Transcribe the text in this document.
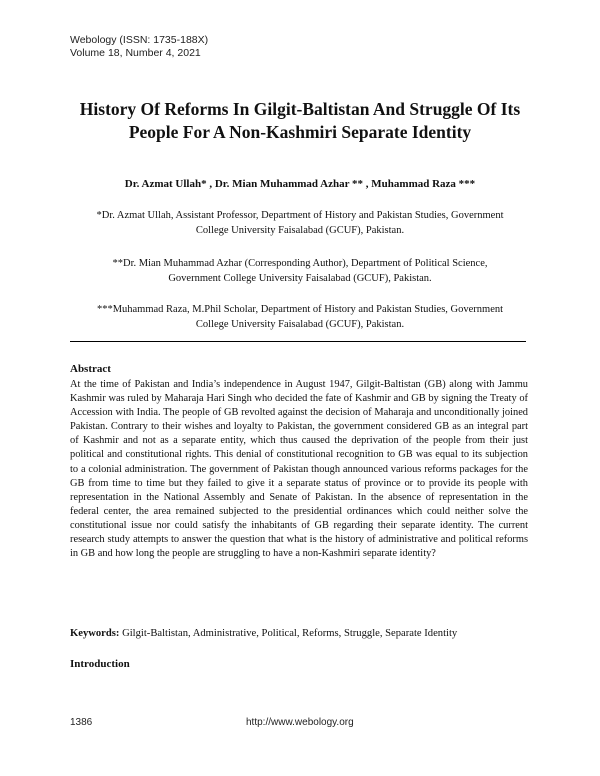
Webology (ISSN: 1735-188X)
Volume 18, Number 4, 2021
History Of Reforms In Gilgit-Baltistan And Struggle Of Its
People For A Non-Kashmiri Separate Identity
Dr. Azmat Ullah* , Dr. Mian Muhammad Azhar ** , Muhammad Raza ***
*Dr. Azmat Ullah, Assistant Professor, Department of History and Pakistan Studies, Government
College University Faisalabad (GCUF), Pakistan.
**Dr. Mian Muhammad Azhar (Corresponding Author), Department of Political Science,
Government College University Faisalabad (GCUF), Pakistan.
***Muhammad Raza, M.Phil Scholar, Department of History and Pakistan Studies, Government
College University Faisalabad (GCUF), Pakistan.
Abstract
At the time of Pakistan and India’s independence in August 1947, Gilgit-Baltistan (GB) along with Jammu Kashmir was ruled by Maharaja Hari Singh who decided the fate of Kashmir and GB by signing the Treaty of Accession with India. The people of GB revolted against the decision of Maharaja and unconditionally joined Pakistan. Contrary to their wishes and loyalty to Pakistan, the government considered GB as an integral part of Kashmir and not as a separate entity, which thus caused the deprivation of the people from their just political and constitutional rights. This denial of constitutional recognition to GB was equal to its subjection to a colonial administration. The government of Pakistan though announced various reforms packages for the GB from time to time but they failed to give it a separate status of province or to provide its people with representation in the National Assembly and Senate of Pakistan. In the absence of representation in the federal center, the area remained subjected to the presidential ordinances which could neither solve the constitutional issue nor could satisfy the inhabitants of GB regarding their separate identity. The current research study attempts to answer the question that what is the history of administrative and political reforms in GB and how long the people are struggling to have a non-Kashmiri separate identity?
Keywords: Gilgit-Baltistan, Administrative, Political, Reforms, Struggle, Separate Identity
Introduction
1386	http://www.webology.org
